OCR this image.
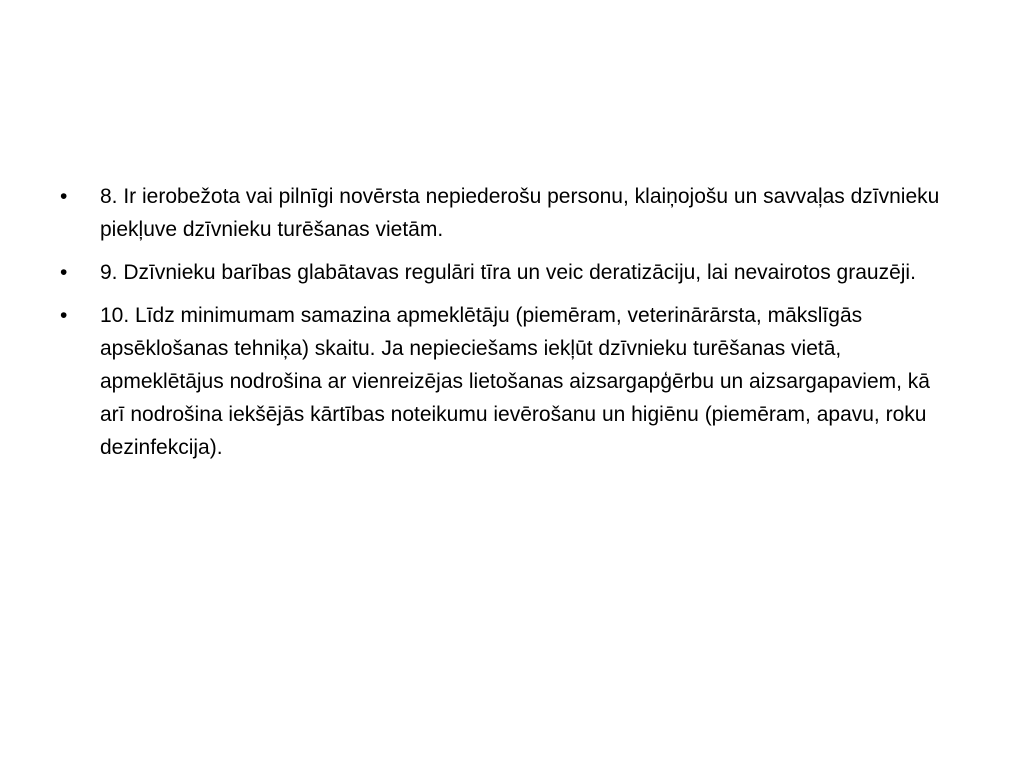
•	8. Ir ierobežota vai pilnīgi novērsta nepiederošu personu, klaiņojošu un savvaļas dzīvnieku piekļuve dzīvnieku turēšanas vietām.
•	9. Dzīvnieku barības glabātavas regulāri tīra un veic deratizāciju, lai nevairotos grauzēji.
•	10. Līdz minimumam samazina apmeklētāju (piemēram, veterinārārsta, mākslīgās apsēklošanas tehniķa) skaitu. Ja nepieciešams iekļūt dzīvnieku turēšanas vietā, apmeklētājus nodrošina ar vienreizējas lietošanas aizsargapģērbu un aizsargapaviem, kā arī nodrošina iekšējās kārtības noteikumu ievērošanu un higiēnu (piemēram, apavu, roku dezinfekcija).
